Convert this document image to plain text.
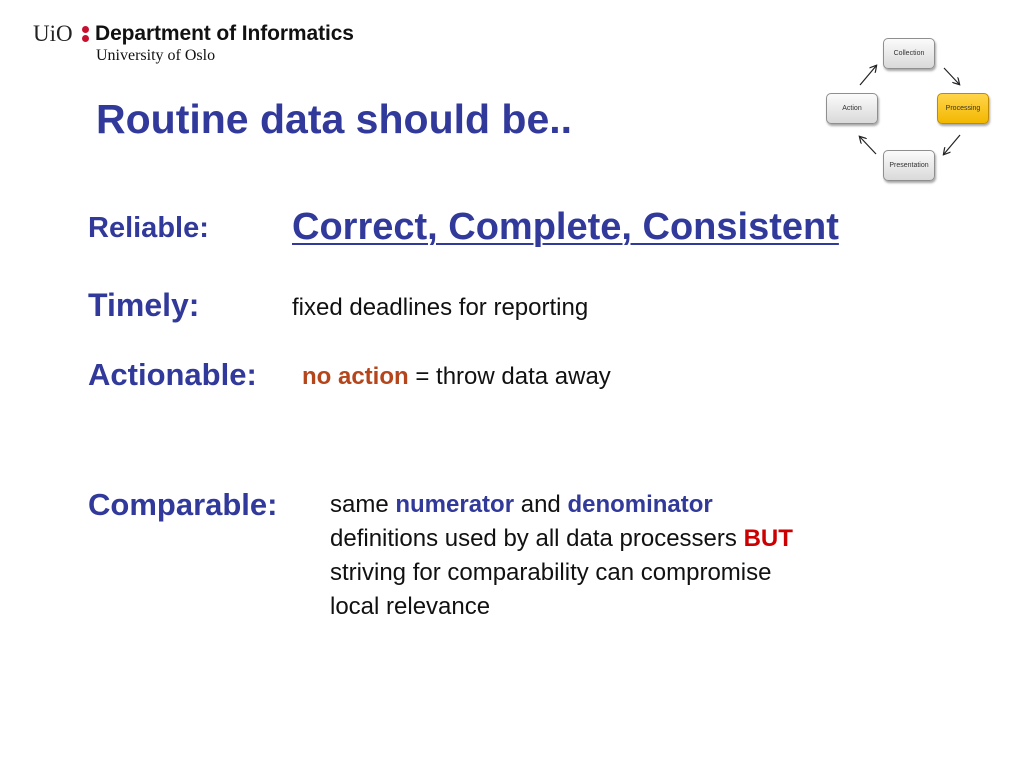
UiO Department of Informatics
University of Oslo
Routine data should be..
Collection
Processing
Presentation
Action
Reliable: Correct, Complete, Consistent
Timely:	fixed deadlines for reporting
Actionable: no action = throw data away
Comparable: same numerator and denominator
definitions used by all data processers BUT
striving for comparability can compromise
local relevance
